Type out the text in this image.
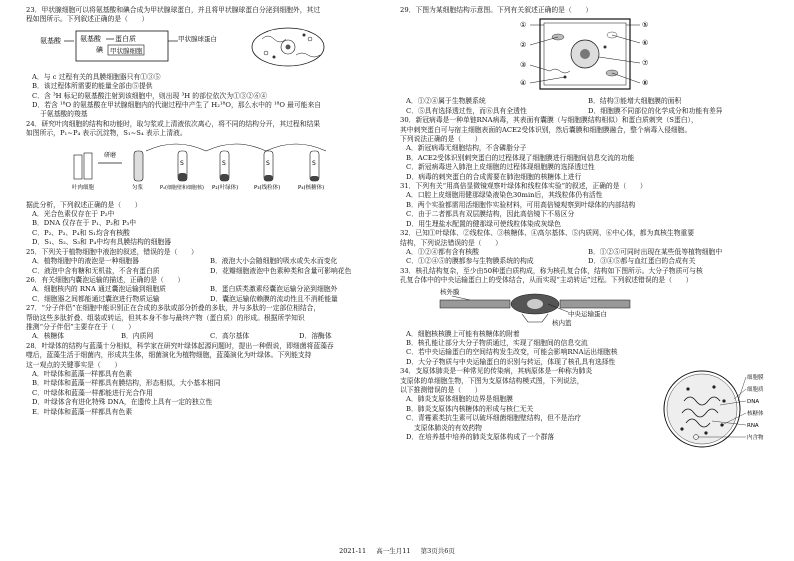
23．甲状腺细胞可以将氨基酸和碘合成为甲状腺球蛋白，并且将甲状腺球蛋白分泌到细胞外，其过
程如图所示。下列叙述正确的是（　　）
氨基酸	氨基酸 蛋白质
碘 甲状腺细胞
甲状腺球蛋白
A．与 c 过程有关的具膜细胞器只有①③⑤
B．该过程体所需要的能量全部由⑤提供
C．含 ³H 标记的氨基酸注射到该细胞中，则出现 ³H 的部位依次为①③②⑥④
D．若含 ¹⁸O 的氨基酸在甲状腺细胞内的代谢过程中产生了 H₂¹⁸O，那么水中的 ¹⁸O 最可能来自
于氨基酸的羧基
24．研究叶肉细胞的结构和功能时，取匀浆或上清液依次离心，将不同的结构分开，其过程和结果
如图所示，P₁~P₄ 表示沉淀物，S₁~S₄ 表示上清液。
研磨
S	S	S	S
叶肉细胞	匀浆	P₁(细胞壁和细胞核) P₂(叶绿体)	P₃(线粒体)	P₄(核糖体)
据此分析，下列叙述正确的是（　　）
A．光合色素仅存在于 P₂中
B．DNA 仅存在于 P₁、P₂和 P₃中
C．P₂、P₃、P₄和 S₁均含有核酸
D．S₁、S₂、S₃和 P₄中均有具膜结构的细胞器
25．下列关于植物细胞中液泡的叙述，错误的是（　　）
A．植物细胞中的液泡是一种细胞器	B．液泡大小会随细胞的吸水或失水而变化
C．液泡中含有糖和无机盐，不含有蛋白质	D．花瓣细胞液泡中色素种类和含量可影响花色
26．有关细胞内囊泡运输的描述，正确的是（　　）
A．细胞核内的 RNA 通过囊泡运输到细胞质	B．蛋白质类激素经囊泡运输分泌到细胞外
C．细胞器之间都能通过囊泡进行物质运输	D．囊泡运输依赖膜的流动性且不消耗能量
27．“分子伴侣”在细胞中能识别正在合成的多肽或部分折叠的多肽，并与多肽的一定部位相结合，
帮助这些多肽折叠、组装或转运，但其本身不参与最终产物（蛋白质）的形成。根据所学知识
推测“分子伴侣”主要存在于（　　）
A．核糖体	B．内质网	C．高尔基体	D．溶酶体
28．叶绿体的结构与蓝藻十分相似，科学家在研究叶绿体起源问题时，提出一种假说，即细菌将蓝藻吞
噬后，蓝藻生活于细菌内，形成共生体，细菌演化为植物细胞，蓝藻演化为叶绿体。下列能支持
这一观点的关键事实是（　　）
A．叶绿体和蓝藻一样都具有色素
B．叶绿体和蓝藻一样都具有膜结构，形态相似，大小基本相同
C．叶绿体和蓝藻一样都能进行光合作用
D．叶绿体含有进化特殊 DNA，在遗传上具有一定的独立性
E．叶绿体和蓝藻一样都具有色素
29．下图为某细胞结构示意图。下列有关叙述正确的是（　　）
①
②
③
④
⑤
⑥
⑦
⑧
A．①②④属于生物膜系统	B．结构③能增大细胞膜的面积
C．⑤具有选择透过性，而⑥具有全透性	D．细胞膜不同部位的化学成分和功能有差异
30．新冠病毒是一种单链RNA病毒，其表面有囊膜（与细胞膜结构相似）和蛋白质刺突（S蛋白），
其中刺突蛋白可与宿主细胞表面的ACE2受体识别，然后囊膜和细胞膜融合，整个病毒入侵细胞。
下列说法正确的是（　　）
A．新冠病毒无细胞结构，不含磷脂分子
B．ACE2受体识别刺突蛋白的过程体现了细胞膜进行细胞间信息交流的功能
C．新冠病毒进入肺泡上皮细胞的过程体现细胞膜的选择透过性
D．病毒的刺突蛋白的合成需要在肺泡细胞的核糖体上进行
31．下列有关“用高倍显微镜观察叶绿体和线粒体实验”的叙述，正确的是（　　）
A．口腔上皮细胞用健那绿染液染色30min后，其线粒体仍有活性
B．两个实验都需用活细胞作实验材料，可用高倍镜观察到叶绿体的内部结构
C．由于二者都具有双层膜结构，因此高倍镜下不易区分
D．用生理盐水配置的健那绿可使线粒体染成灰绿色
32．已知①叶绿体、②线粒体、③核糖体、④高尔基体、⑤内质网、⑥中心体，都为真核生物重要
结构，下列说法错误的是（　　）
A．①②④都有含有核酸	B．①②⑤可同时出现在某些低等植物细胞中
C．①②④⑤的膜都参与生物膜系统的构成	D．③④⑤都与血红蛋白的合成有关
33．核孔结构复杂，至少由50种蛋白质构成，称为核孔复合体，结构如下图所示。大分子物质可与核
孔复合体中的中央运输蛋白上的受体结合，从而实现“主动转运”过程。下列叙述错误的是（　　）
核外膜
中央运输蛋白
核内篮
A．细胞核核膜上可能有核糖体的附着
B．核孔能让部分大分子物质通过，实现了细胞间的信息交流
C．若中央运输蛋白的空间结构发生改变，可能会影响RNA运出细胞核
D．大分子物质与中央运输蛋白的识别与转运，体现了核孔具有选择性
34．支原体肺炎是一种常见的传染病，其病原体是一种称为肺炎
支原体的单细胞生物，下图为支原体结构模式图，下列说法，
以下推测错误的是（　　）
A．肺炎支原体细胞的边界是细胞膜
B．肺炎支原体内核糖体的形成与核仁无关
C．青霉素类抗生素可以破坏细菌细胞壁结构，但不是治疗
支原体肺炎的有效药物
D．在培养基中培养的肺炎支原体构成了一个群落
细胞膜
细胞质
DNA
核糖体
RNA
内含物
2021-11 高一生月11 第3页共6页
